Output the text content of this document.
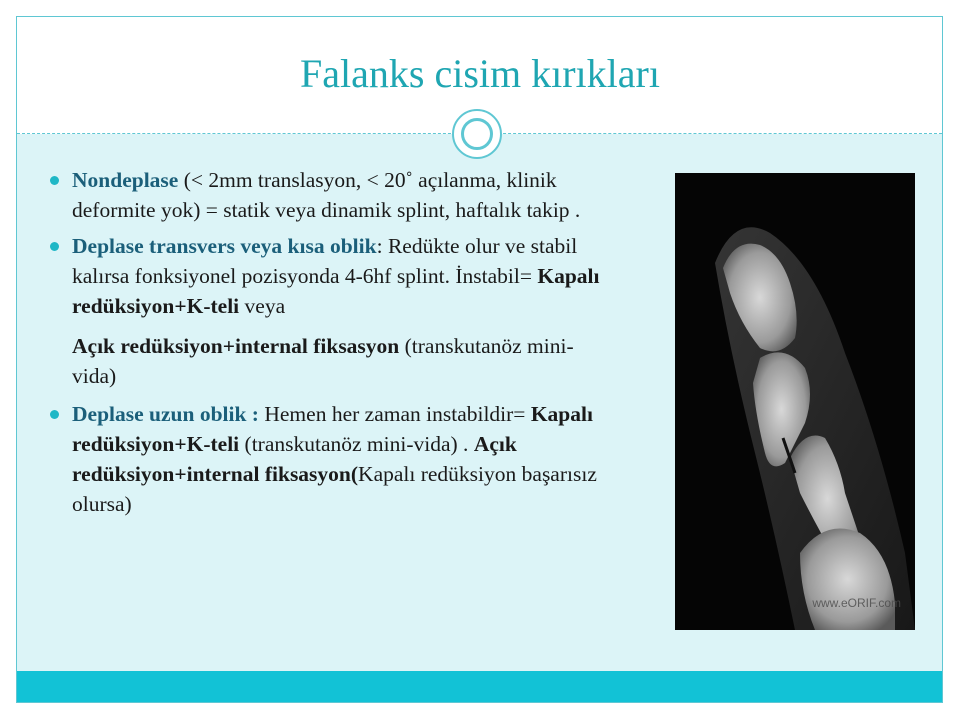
Falanks cisim kırıkları
Nondeplase (< 2mm translasyon, < 20˚ açılanma, klinik deformite yok) = statik veya dinamik splint, haftalık takip .
Deplase transvers veya kısa oblik: Redükte olur ve stabil kalırsa fonksiyonel pozisyonda 4-6hf splint. İnstabil= Kapalı redüksiyon+K-teli veya
Açık redüksiyon+internal fiksasyon (transkutanöz mini-vida)
Deplase uzun oblik : Hemen her zaman instabildir= Kapalı redüksiyon+K-teli (transkutanöz mini-vida) . Açık redüksiyon+internal fiksasyon(Kapalı redüksiyon başarısız olursa)
www.eORIF.com
